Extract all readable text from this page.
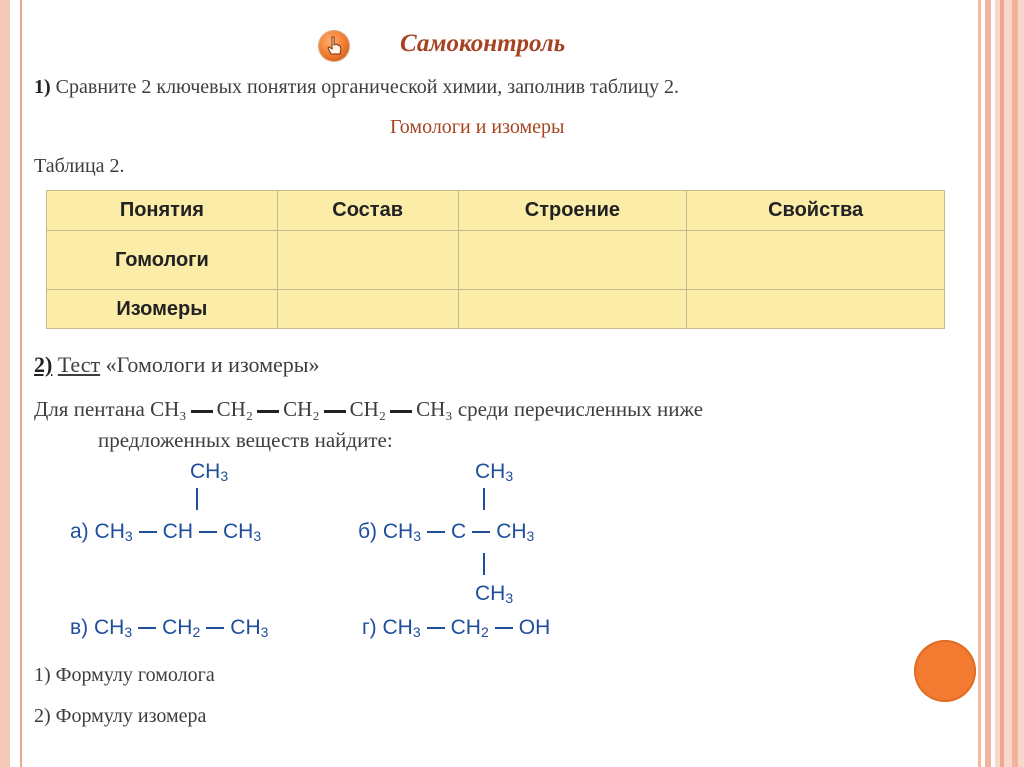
Самоконтроль
1) Сравните 2 ключевых понятия органической химии, заполнив таблицу 2.
Гомологи и изомеры
Таблица 2.
Понятия	Состав	Строение	Свойства
Гомологи			
Изомеры			
2) Тест «Гомологи и изомеры»
Для пентана CH₃ CH₂ CH₂ CH₂ CH₃ среди перечисленных ниже
предложенных веществ найдите:
$CH_3$
а) $CH_3$ CH $CH_3$
$CH_3$
б) $CH_3$ C $CH_3$
$CH_3$
в) $CH_3$ $CH_2$ $CH_3$	г) $CH_3$ $CH_2$ OH
1) Формулу гомолога
2) Формулу изомера
